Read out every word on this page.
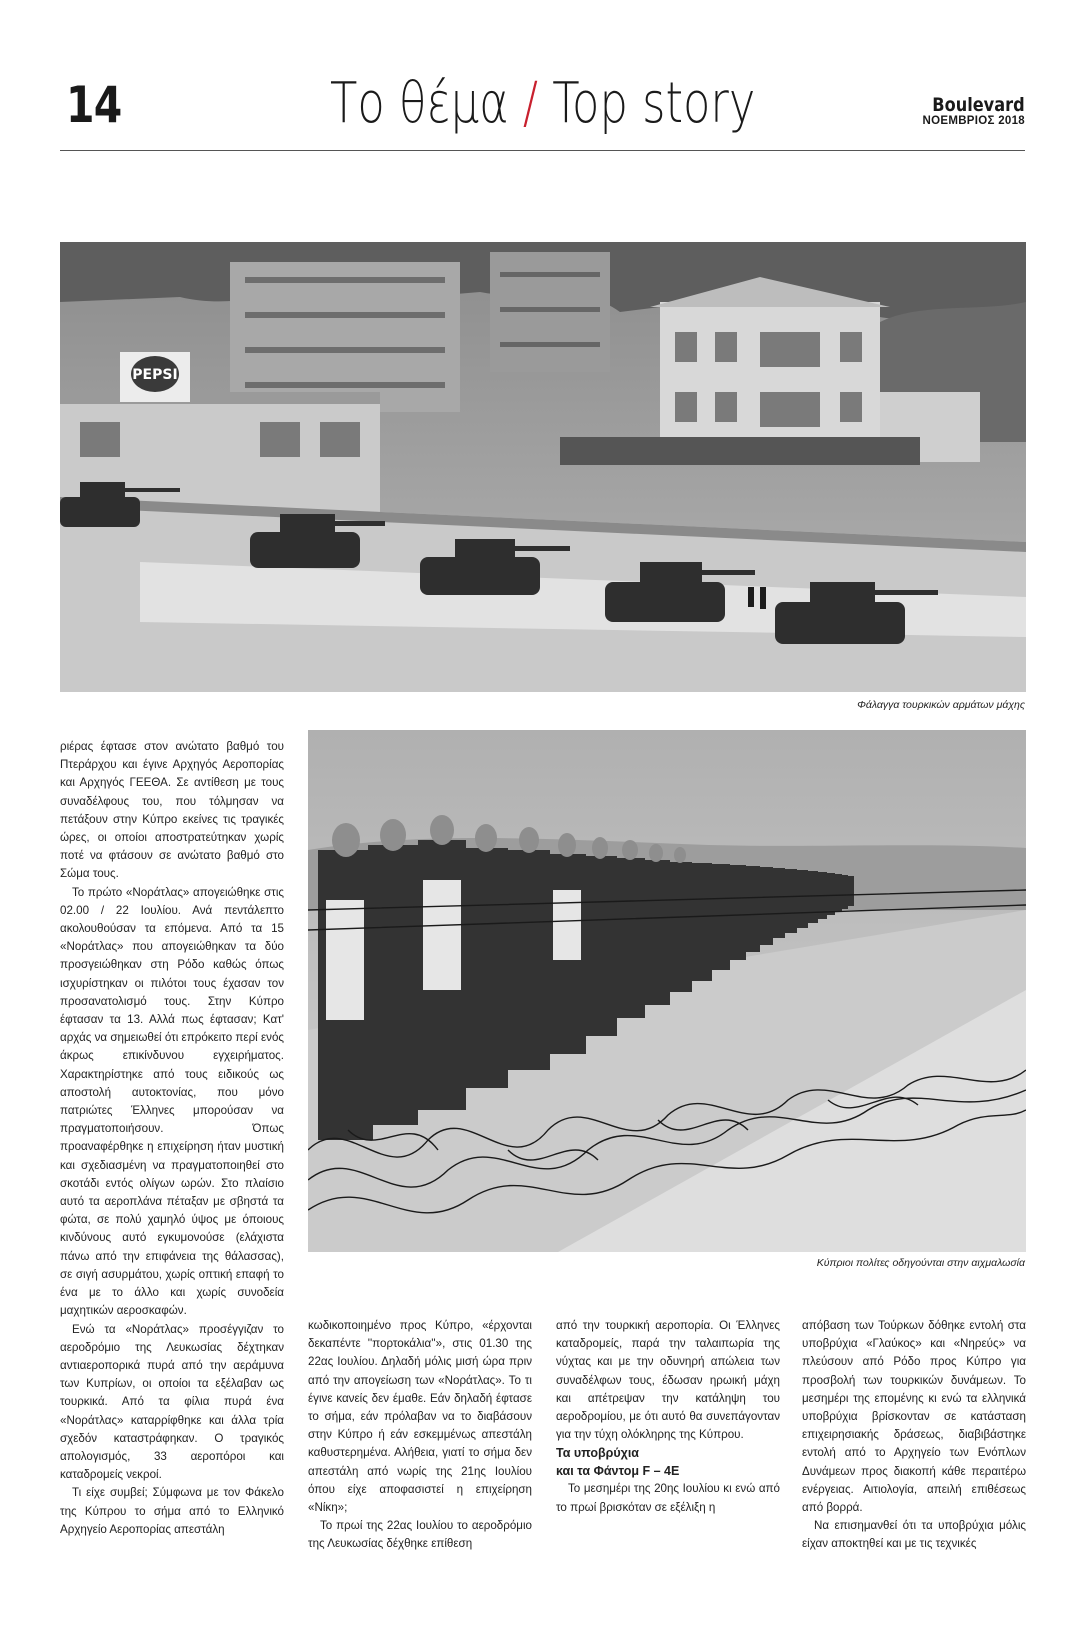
14	Το θέμα / Top story	Boulevard
ΝΟΕΜΒΡΙΟΣ 2018
PEPSI
Φάλαγγα τουρκικών αρμάτων μάχης
Κύπριοι πολίτες οδηγούνται στην αιχμαλωσία

ριέρας έφτασε στον ανώτατο βαθμό του Πτεράρχου και έγινε Αρχηγός Αεροπορίας και Αρχηγός ΓΕΕΘΑ. Σε αντίθεση με τους συναδέλφους του, που τόλμησαν να πετάξουν στην Κύπρο εκείνες τις τραγικές ώρες, οι οποίοι αποστρατεύτηκαν χωρίς ποτέ να φτάσουν σε ανώτατο βαθμό στο Σώμα τους.

Το πρώτο «Νοράτλας» απογειώθηκε στις 02.00 / 22 Ιουλίου. Ανά πεντάλεπτο ακολουθούσαν τα επόμενα. Από τα 15 «Νοράτλας» που απογειώθηκαν τα δύο προσγειώθηκαν στη Ρόδο καθώς όπως ισχυρίστηκαν οι πιλότοι τους έχασαν τον προσανατολισμό τους. Στην Κύπρο έφτασαν τα 13. Αλλά πως έφτασαν; Κατ' αρχάς να σημειωθεί ότι επρόκειτο περί ενός άκρως επικίνδυνου εγχειρήματος. Χαρακτηρίστηκε από τους ειδικούς ως αποστολή αυτοκτονίας, που μόνο πατριώτες Έλληνες μπορούσαν να πραγματοποιήσουν. Όπως προαναφέρθηκε η επιχείρηση ήταν μυστική και σχεδιασμένη να πραγματοποιηθεί στο σκοτάδι εντός ολίγων ωρών. Στο πλαίσιο αυτό τα αεροπλάνα πέταξαν με σβηστά τα φώτα, σε πολύ χαμηλό ύψος με όποιους κινδύνους αυτό εγκυμονούσε (ελάχιστα πάνω από την επιφάνεια της θάλασσας), σε σιγή ασυρμάτου, χωρίς οπτική επαφή το ένα με το άλλο και χωρίς συνοδεία μαχητικών αεροσκαφών.

Ενώ τα «Νοράτλας» προσέγγιζαν το αεροδρόμιο της Λευκωσίας δέχτηκαν αντιαεροπορικά πυρά από την αεράμυνα των Κυπρίων, οι οποίοι τα εξέλαβαν ως τουρκικά. Από τα φίλια πυρά ένα «Νοράτλας» καταρρίφθηκε και άλλα τρία σχεδόν καταστράφηκαν. Ο τραγικός απολογισμός, 33 αεροπόροι και καταδρομείς νεκροί.

Τι είχε συμβεί; Σύμφωνα με τον Φάκελο της Κύπρου το σήμα από το Ελληνικό Αρχηγείο Αεροπορίας απεστάλη

κωδικοποιημένο προς Κύπρο, «έρχονται δεκαπέντε ''πορτοκάλια''», στις 01.30 της 22ας Ιουλίου. Δηλαδή μόλις μισή ώρα πριν από την απογείωση των «Νοράτλας». Το τι έγινε κανείς δεν έμαθε. Εάν δηλαδή έφτασε το σήμα, εάν πρόλαβαν να το διαβάσουν στην Κύπρο ή εάν εσκεμμένως απεστάλη καθυστερημένα. Αλήθεια, γιατί το σήμα δεν απεστάλη από νωρίς της 21ης Ιουλίου όπου είχε αποφασιστεί η επιχείρηση «Νίκη»;

Το πρωί της 22ας Ιουλίου το αεροδρόμιο της Λευκωσίας δέχθηκε επίθεση

από την τουρκική αεροπορία. Οι Έλληνες καταδρομείς, παρά την ταλαιπωρία της νύχτας και με την οδυνηρή απώλεια των συναδέλφων τους, έδωσαν ηρωική μάχη και απέτρεψαν την κατάληψη του αεροδρομίου, με ότι αυτό θα συνεπάγονταν για την τύχη ολόκληρης της Κύπρου.

Τα υποβρύχια
και τα Φάντομ F – 4E

Το μεσημέρι της 20ης Ιουλίου κι ενώ από το πρωί βρισκόταν σε εξέλιξη η

απόβαση των Τούρκων δόθηκε εντολή στα υποβρύχια «Γλαύκος» και «Νηρεύς» να πλεύσουν από Ρόδο προς Κύπρο για προσβολή των τουρκικών δυνάμεων. Το μεσημέρι της επομένης κι ενώ τα ελληνικά υποβρύχια βρίσκονταν σε κατάσταση επιχειρησιακής δράσεως, διαβιβάστηκε εντολή από το Αρχηγείο των Ενόπλων Δυνάμεων προς διακοπή κάθε περαιτέρω ενέργειας. Αιτιολογία, απειλή επιθέσεως από βορρά.

Να επισημανθεί ότι τα υποβρύχια μόλις είχαν αποκτηθεί και με τις τεχνικές
